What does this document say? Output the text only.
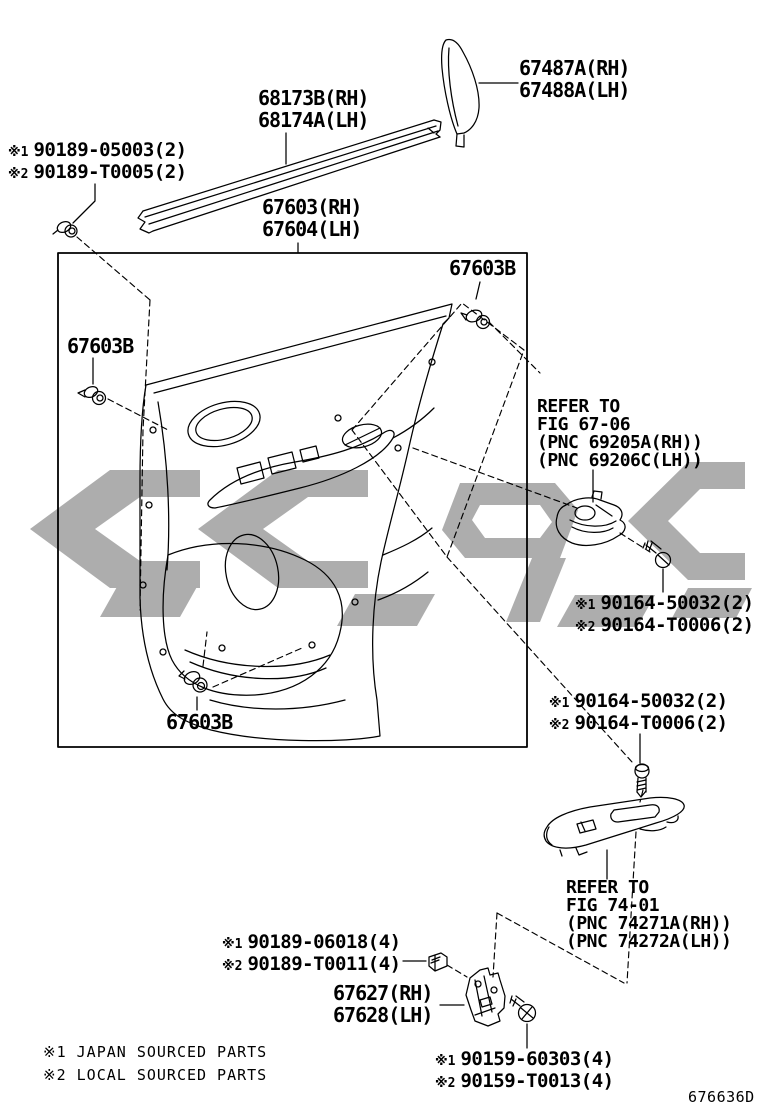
68173B(RH)
68174A(LH)
67487A(RH)
67488A(LH)
※1 90189-05003(2)
※2 90189-T0005(2)
67603(RH)
67604(LH)
67603B
67603B
67603B
REFER TO
FIG 67-06
(PNC 69205A(RH))
(PNC 69206C(LH))
※1 90164-50032(2)
※2 90164-T0006(2)
※1 90164-50032(2)
※2 90164-T0006(2)
REFER TO
FIG 74-01
(PNC 74271A(RH))
(PNC 74272A(LH))
※1 90189-06018(4)
※2 90189-T0011(4)
67627(RH)
67628(LH)
※1 90159-60303(4)
※2 90159-T0013(4)
※1 JAPAN SOURCED PARTS
※2 LOCAL SOURCED PARTS
676636D
